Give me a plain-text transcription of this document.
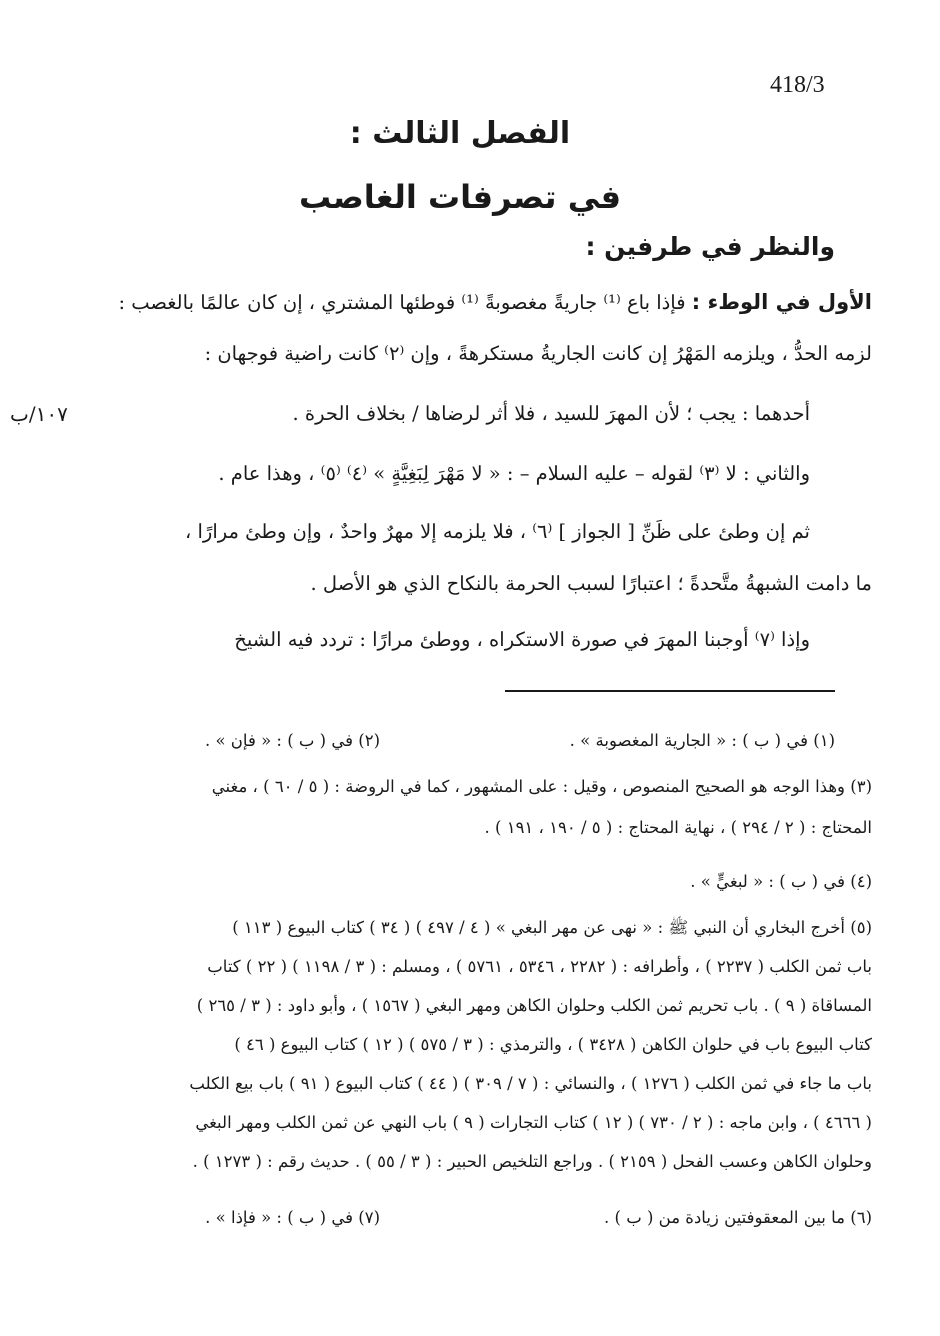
418/3
الفصل الثالث :
في تصرفات الغاصب
والنظر في طرفين :
الأول في الوطء : فإذا باع ⁽¹⁾ جاريةً مغصوبةً ⁽¹⁾ فوطئها المشتري ، إن كان عالمًا بالغصب :
لزمه الحدُّ ، ويلزمه المَهْرُ إن كانت الجاريةُ مستكرهةً ، وإن ⁽٢⁾ كانت راضية فوجهان :
أحدهما : يجب ؛ لأن المهرَ للسيد ، فلا أثر لرضاها / بخلاف الحرة .
١٠٧/ب
والثاني : لا ⁽٣⁾ لقوله – عليه السلام – : « لا مَهْرَ لِبَغِيَّةٍ » ⁽٤⁾ ⁽٥⁾ ، وهذا عام .
ثم إن وطئ على ظَنِّ [ الجواز ] ⁽٦⁾ ، فلا يلزمه إلا مهرٌ واحدٌ ، وإن وطئ مرارًا ،
ما دامت الشبهةُ متَّحدةً ؛ اعتبارًا لسبب الحرمة بالنكاح الذي هو الأصل .
وإذا ⁽٧⁾ أوجبنا المهرَ في صورة الاستكراه ، ووطئ مرارًا : تردد فيه الشيخ
(١) في ( ب ) : « الجارية المغصوبة » .
(٢) في ( ب ) : « فإن » .
(٣) وهذا الوجه هو الصحيح المنصوص ، وقيل : على المشهور ، كما في الروضة : ( ٥ / ٦٠ ) ، مغني
المحتاج : ( ٢ / ٢٩٤ ) ، نهاية المحتاج : ( ٥ / ١٩٠ ، ١٩١ ) .
(٤) في ( ب ) : « لبغيٍّ » .
(٥) أخرج البخاري أن النبي ﷺ : « نهى عن مهر البغي » ( ٤ / ٤٩٧ ) ( ٣٤ ) كتاب البيوع ( ١١٣ )
باب ثمن الكلب ( ٢٢٣٧ ) ، وأطرافه : ( ٢٢٨٢ ، ٥٣٤٦ ، ٥٧٦١ ) ، ومسلم : ( ٣ / ١١٩٨ ) ( ٢٢ ) كتاب
المساقاة ( ٩ ) . باب تحريم ثمن الكلب وحلوان الكاهن ومهر البغي ( ١٥٦٧ ) ، وأبو داود : ( ٣ / ٢٦٥ )
كتاب البيوع باب في حلوان الكاهن ( ٣٤٢٨ ) ، والترمذي : ( ٣ / ٥٧٥ ) ( ١٢ ) كتاب البيوع ( ٤٦ )
باب ما جاء في ثمن الكلب ( ١٢٧٦ ) ، والنسائي : ( ٧ / ٣٠٩ ) ( ٤٤ ) كتاب البيوع ( ٩١ ) باب بيع الكلب
( ٤٦٦٦ ) ، وابن ماجه : ( ٢ / ٧٣٠ ) ( ١٢ ) كتاب التجارات ( ٩ ) باب النهي عن ثمن الكلب ومهر البغي
وحلوان الكاهن وعسب الفحل ( ٢١٥٩ ) . وراجع التلخيص الحبير : ( ٣ / ٥٥ ) . حديث رقم : ( ١٢٧٣ ) .
(٦) ما بين المعقوفتين زيادة من ( ب ) .
(٧) في ( ب ) : « فإذا » .
